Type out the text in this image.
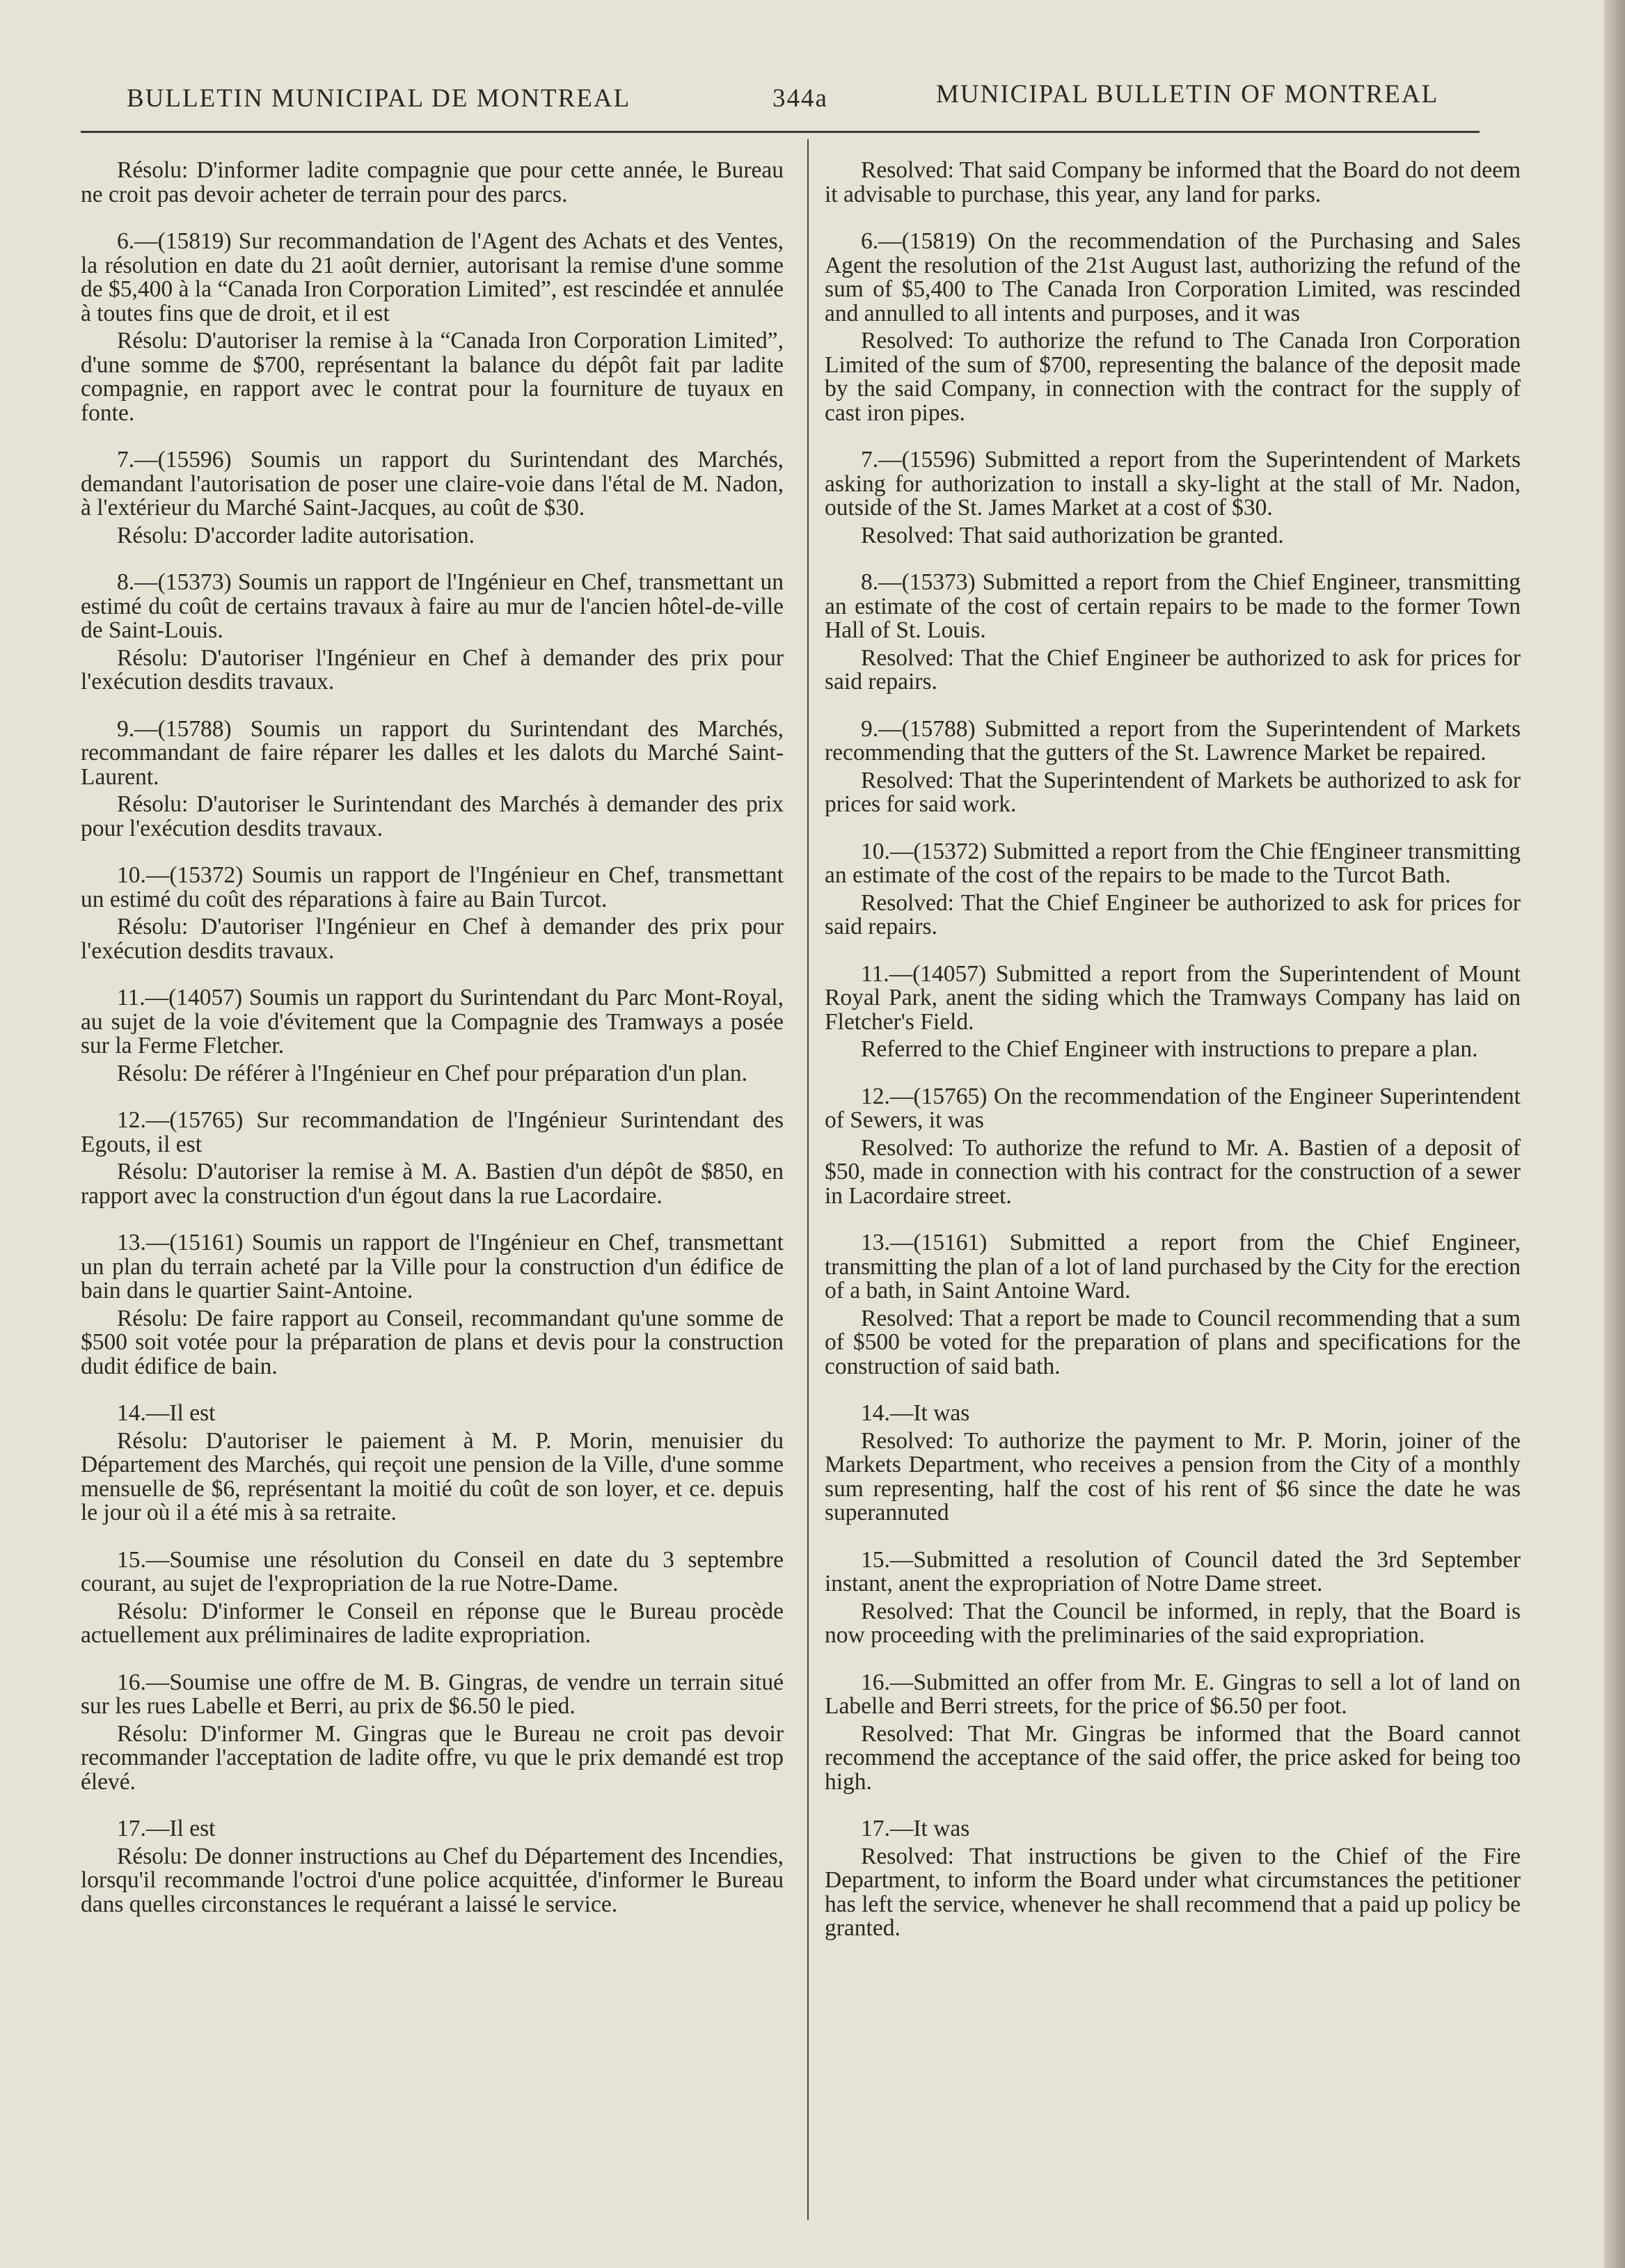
BULLETIN MUNICIPAL DE MONTREAL	344a	MUNICIPAL BULLETIN OF MONTREAL

Résolu: D'informer ladite compagnie que pour cette année, le Bureau ne croit pas devoir acheter de terrain pour des parcs.

6.—(15819) Sur recommandation de l'Agent des Achats et des Ventes, la résolution en date du 21 août dernier, autorisant la remise d'une somme de $5,400 à la “Canada Iron Corporation Limited”, est rescindée et annulée à toutes fins que de droit, et il est

Résolu: D'autoriser la remise à la “Canada Iron Corporation Limited”, d'une somme de $700, représentant la balance du dépôt fait par ladite compagnie, en rapport avec le contrat pour la fourniture de tuyaux en fonte.

7.—(15596) Soumis un rapport du Surintendant des Marchés, demandant l'autorisation de poser une claire-voie dans l'étal de M. Nadon, à l'extérieur du Marché Saint-Jacques, au coût de $30.

Résolu: D'accorder ladite autorisation.

8.—(15373) Soumis un rapport de l'Ingénieur en Chef, transmettant un estimé du coût de certains travaux à faire au mur de l'ancien hôtel-de-ville de Saint-Louis.

Résolu: D'autoriser l'Ingénieur en Chef à demander des prix pour l'exécution desdits travaux.

9.—(15788) Soumis un rapport du Surintendant des Marchés, recommandant de faire réparer les dalles et les dalots du Marché Saint-Laurent.

Résolu: D'autoriser le Surintendant des Marchés à demander des prix pour l'exécution desdits travaux.

10.—(15372) Soumis un rapport de l'Ingénieur en Chef, transmettant un estimé du coût des réparations à faire au Bain Turcot.

Résolu: D'autoriser l'Ingénieur en Chef à demander des prix pour l'exécution desdits travaux.

11.—(14057) Soumis un rapport du Surintendant du Parc Mont-Royal, au sujet de la voie d'évitement que la Compagnie des Tramways a posée sur la Ferme Fletcher.

Résolu: De référer à l'Ingénieur en Chef pour préparation d'un plan.

12.—(15765) Sur recommandation de l'Ingénieur Surintendant des Egouts, il est

Résolu: D'autoriser la remise à M. A. Bastien d'un dépôt de $850, en rapport avec la construction d'un égout dans la rue Lacordaire.

13.—(15161) Soumis un rapport de l'Ingénieur en Chef, transmettant un plan du terrain acheté par la Ville pour la construction d'un édifice de bain dans le quartier Saint-Antoine.

Résolu: De faire rapport au Conseil, recommandant qu'une somme de $500 soit votée pour la préparation de plans et devis pour la construction dudit édifice de bain.

14.—Il est

Résolu: D'autoriser le paiement à M. P. Morin, menuisier du Département des Marchés, qui reçoit une pension de la Ville, d'une somme mensuelle de $6, représentant la moitié du coût de son loyer, et ce. depuis le jour où il a été mis à sa retraite.

15.—Soumise une résolution du Conseil en date du 3 septembre courant, au sujet de l'expropriation de la rue Notre-Dame.

Résolu: D'informer le Conseil en réponse que le Bureau procède actuellement aux préliminaires de ladite expropriation.

16.—Soumise une offre de M. B. Gingras, de vendre un terrain situé sur les rues Labelle et Berri, au prix de $6.50 le pied.

Résolu: D'informer M. Gingras que le Bureau ne croit pas devoir recommander l'acceptation de ladite offre, vu que le prix demandé est trop élevé.

17.—Il est

Résolu: De donner instructions au Chef du Département des Incendies, lorsqu'il recommande l'octroi d'une police acquittée, d'informer le Bureau dans quelles circonstances le requérant a laissé le service.

Resolved: That said Company be informed that the Board do not deem it advisable to purchase, this year, any land for parks.

6.—(15819) On the recommendation of the Purchasing and Sales Agent the resolution of the 21st August last, authorizing the refund of the sum of $5,400 to The Canada Iron Corporation Limited, was rescinded and annulled to all intents and purposes, and it was

Resolved: To authorize the refund to The Canada Iron Corporation Limited of the sum of $700, representing the balance of the deposit made by the said Company, in connection with the contract for the supply of cast iron pipes.

7.—(15596) Submitted a report from the Superintendent of Markets asking for authorization to install a sky-light at the stall of Mr. Nadon, outside of the St. James Market at a cost of $30.

Resolved: That said authorization be granted.

8.—(15373) Submitted a report from the Chief Engineer, transmitting an estimate of the cost of certain repairs to be made to the former Town Hall of St. Louis.

Resolved: That the Chief Engineer be authorized to ask for prices for said repairs.

9.—(15788) Submitted a report from the Superintendent of Markets recommending that the gutters of the St. Lawrence Market be repaired.

Resolved: That the Superintendent of Markets be authorized to ask for prices for said work.

10.—(15372) Submitted a report from the Chie fEngineer transmitting an estimate of the cost of the repairs to be made to the Turcot Bath.

Resolved: That the Chief Engineer be authorized to ask for prices for said repairs.

11.—(14057) Submitted a report from the Superintendent of Mount Royal Park, anent the siding which the Tramways Company has laid on Fletcher's Field.

Referred to the Chief Engineer with instructions to prepare a plan.

12.—(15765) On the recommendation of the Engineer Superintendent of Sewers, it was

Resolved: To authorize the refund to Mr. A. Bastien of a deposit of $50, made in connection with his contract for the construction of a sewer in Lacordaire street.

13.—(15161) Submitted a report from the Chief Engineer, transmitting the plan of a lot of land purchased by the City for the erection of a bath, in Saint Antoine Ward.

Resolved: That a report be made to Council recommending that a sum of $500 be voted for the preparation of plans and specifications for the construction of said bath.

14.—It was

Resolved: To authorize the payment to Mr. P. Morin, joiner of the Markets Department, who receives a pension from the City of a monthly sum representing, half the cost of his rent of $6 since the date he was superannuted

15.—Submitted a resolution of Council dated the 3rd September instant, anent the expropriation of Notre Dame street.

Resolved: That the Council be informed, in reply, that the Board is now proceeding with the preliminaries of the said expropriation.

16.—Submitted an offer from Mr. E. Gingras to sell a lot of land on Labelle and Berri streets, for the price of $6.50 per foot.

Resolved: That Mr. Gingras be informed that the Board cannot recommend the acceptance of the said offer, the price asked for being too high.

17.—It was

Resolved: That instructions be given to the Chief of the Fire Department, to inform the Board under what circumstances the petitioner has left the service, whenever he shall recommend that a paid up policy be granted.
